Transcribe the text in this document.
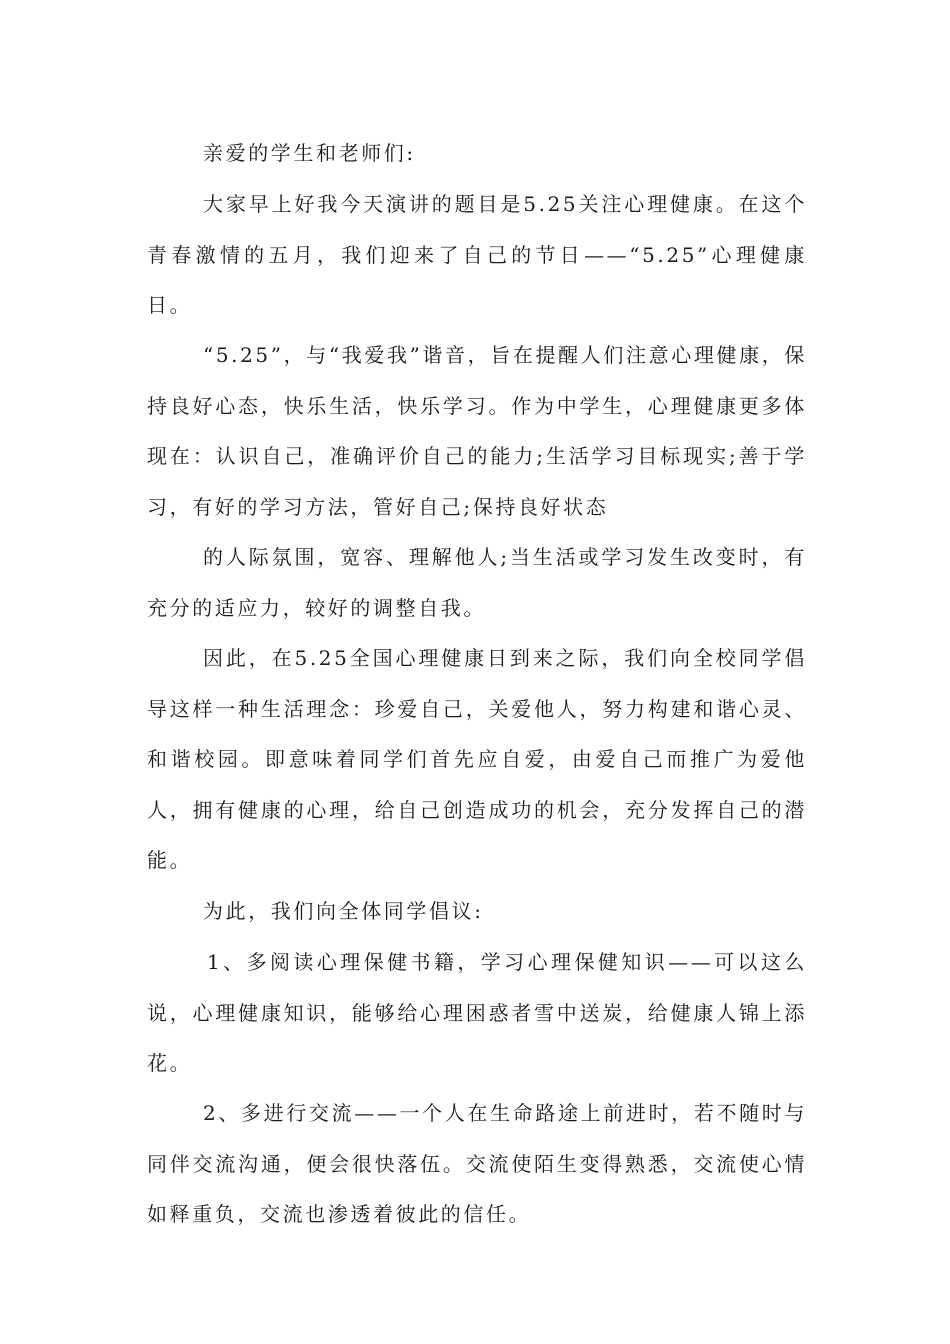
亲爱的学生和老师们:

大家早上好我今天演讲的题目是5.25关注心理健康。在这个青春激情的五月，我们迎来了自己的节日——“5.25”心理健康日。

“5.25”，与“我爱我”谐音，旨在提醒人们注意心理健康，保持良好心态，快乐生活，快乐学习。作为中学生，心理健康更多体现在：认识自己，准确评价自己的能力;生活学习目标现实;善于学习，有好的学习方法，管好自己;保持良好状态

的人际氛围，宽容、理解他人;当生活或学习发生改变时，有充分的适应力，较好的调整自我。

因此，在5.25全国心理健康日到来之际，我们向全校同学倡导这样一种生活理念：珍爱自己，关爱他人，努力构建和谐心灵、和谐校园。即意味着同学们首先应自爱，由爱自己而推广为爱他人，拥有健康的心理，给自己创造成功的机会，充分发挥自己的潜能。

为此，我们向全体同学倡议:

1、多阅读心理保健书籍，学习心理保健知识——可以这么说，心理健康知识，能够给心理困惑者雪中送炭，给健康人锦上添花。

2、多进行交流——一个人在生命路途上前进时，若不随时与同伴交流沟通，便会很快落伍。交流使陌生变得熟悉，交流使心情如释重负，交流也渗透着彼此的信任。
